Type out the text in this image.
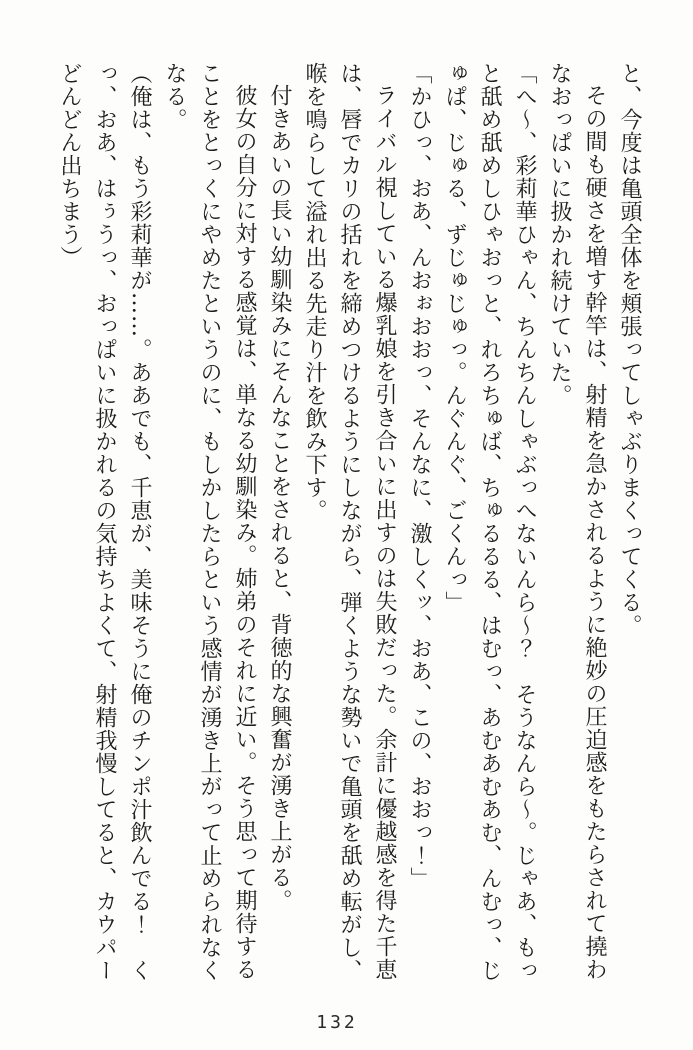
と、今度は亀頭全体を頬張ってしゃぶりまくってくる。

その間も硬さを増す幹竿は、射精を急かされるように絶妙の圧迫感をもたらされて撓わ

なおっぱいに扱かれ続けていた。

「へ〜、彩莉華ひゃん、ちんちんしゃぶっへないんら〜？　そうなんら〜。じゃあ、もっ

と舐め舐めしひゃおっと、れろちゅば、ちゅるるる、はむっ、あむあむあむ、んむっ、じ

ゅぱ、じゅる、ずじゅじゅっ。んぐんぐ、ごくんっ」

「かひっ、おあ、んおぉおおっ、そんなに、激しくッ、おあ、この、おおっ！」

ライバル視している爆乳娘を引き合いに出すのは失敗だった。余計に優越感を得た千恵

は、唇でカリの括れを締めつけるようにしながら、弾くような勢いで亀頭を舐め転がし、

喉を鳴らして溢れ出る先走り汁を飲み下す。

付きあいの長い幼馴染みにそんなことをされると、背徳的な興奮が湧き上がる。

彼女の自分に対する感覚は、単なる幼馴染み。姉弟のそれに近い。そう思って期待する

ことをとっくにやめたというのに、もしかしたらという感情が湧き上がって止められなく

なる。

（俺は、もう彩莉華が……。ああでも、千恵が、美味そうに俺のチンポ汁飲んでる！　く

っ、おあ、はぅうっ、おっぱいに扱かれるの気持ちよくて、射精我慢してると、カウパー

どんどん出ちまう）

132
